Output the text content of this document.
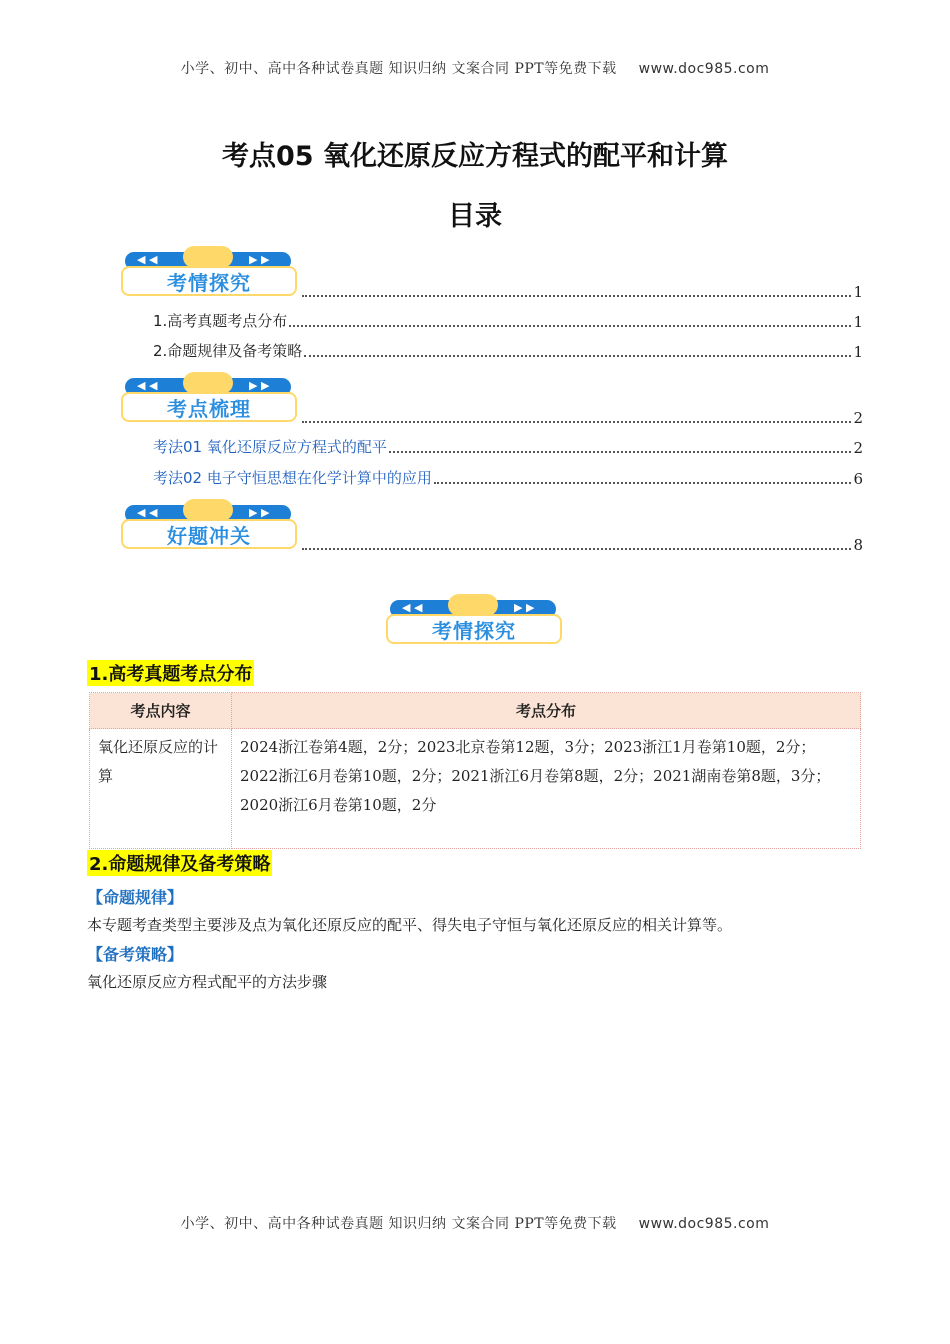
小学、初中、高中各种试卷真题 知识归纳 文案合同 PPT等免费下载 www.doc985.com
考点05 氧化还原反应方程式的配平和计算
目录
◀ ◀	▶ ▶
考情探究	1
1.高考真题考点分布	1
2.命题规律及备考策略	1
◀ ◀	▶ ▶
考点梳理	2
考法01 氧化还原反应方程式的配平	2
考法02 电子守恒思想在化学计算中的应用	6
◀ ◀	▶ ▶
好题冲关	8
◀ ◀	▶ ▶
考情探究
1.高考真题考点分布
考点内容	考点分布
氧化还原反应的计算	2024浙江卷第4题，2分；2023北京卷第12题，3分；2023浙江1月卷第10题，2分；
2022浙江6月卷第10题，2分；2021浙江6月卷第8题，2分；2021湖南卷第8题，3分；2020浙江6月卷第10题，2分
2.命题规律及备考策略
【命题规律】
本专题考查类型主要涉及点为氧化还原反应的配平、得失电子守恒与氧化还原反应的相关计算等。
【备考策略】
氧化还原反应方程式配平的方法步骤
小学、初中、高中各种试卷真题 知识归纳 文案合同 PPT等免费下载 www.doc985.com
